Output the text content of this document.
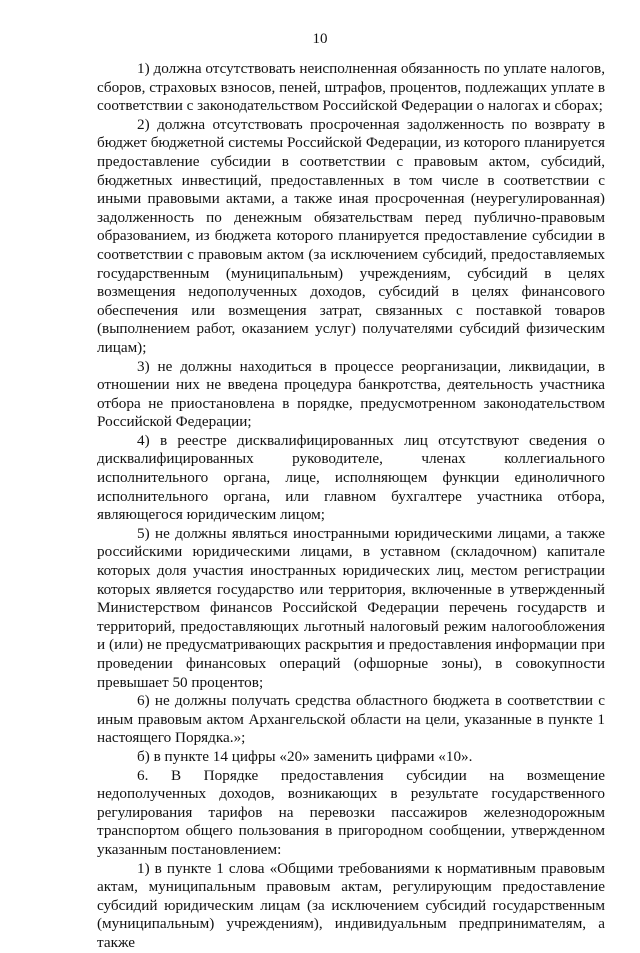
10

1) должна отсутствовать неисполненная обязанность по уплате налогов, сборов, страховых взносов, пеней, штрафов, процентов, подлежащих уплате в соответствии с законодательством Российской Федерации о налогах и сборах;

2) должна отсутствовать просроченная задолженность по возврату в бюджет бюджетной системы Российской Федерации, из которого планируется предоставление субсидии в соответствии с правовым актом, субсидий, бюджетных инвестиций, предоставленных в том числе в соответствии с иными правовыми актами, а также иная просроченная (неурегулированная) задолженность по денежным обязательствам перед публично-правовым образованием, из бюджета которого планируется предоставление субсидии в соответствии с правовым актом (за исключением субсидий, предоставляемых государственным (муниципальным) учреждениям, субсидий в целях возмещения недополученных доходов, субсидий в целях финансового обеспечения или возмещения затрат, связанных с поставкой товаров (выполнением работ, оказанием услуг) получателями субсидий физическим лицам);

3) не должны находиться в процессе реорганизации, ликвидации, в отношении них не введена процедура банкротства, деятельность участника отбора не приостановлена в порядке, предусмотренном законодательством Российской Федерации;

4) в реестре дисквалифицированных лиц отсутствуют сведения о дисквалифицированных руководителе, членах коллегиального исполнительного органа, лице, исполняющем функции единоличного исполнительного органа, или главном бухгалтере участника отбора, являющегося юридическим лицом;

5) не должны являться иностранными юридическими лицами, а также российскими юридическими лицами, в уставном (складочном) капитале которых доля участия иностранных юридических лиц, местом регистрации которых является государство или территория, включенные в утвержденный Министерством финансов Российской Федерации перечень государств и территорий, предоставляющих льготный налоговый режим налогообложения и (или) не предусматривающих раскрытия и предоставления информации при проведении финансовых операций (офшорные зоны), в совокупности превышает 50 процентов;

6) не должны получать средства областного бюджета в соответствии с иным правовым актом Архангельской области на цели, указанные в пункте 1 настоящего Порядка.»;

б) в пункте 14 цифры «20» заменить цифрами «10».

6. В Порядке предоставления субсидии на возмещение недополученных доходов, возникающих в результате государственного регулирования тарифов на перевозки пассажиров железнодорожным транспортом общего пользования в пригородном сообщении, утвержденном указанным постановлением:

1) в пункте 1 слова «Общими требованиями к нормативным правовым актам, муниципальным правовым актам, регулирующим предоставление субсидий юридическим лицам (за исключением субсидий государственным (муниципальным) учреждениям), индивидуальным предпринимателям, а также
